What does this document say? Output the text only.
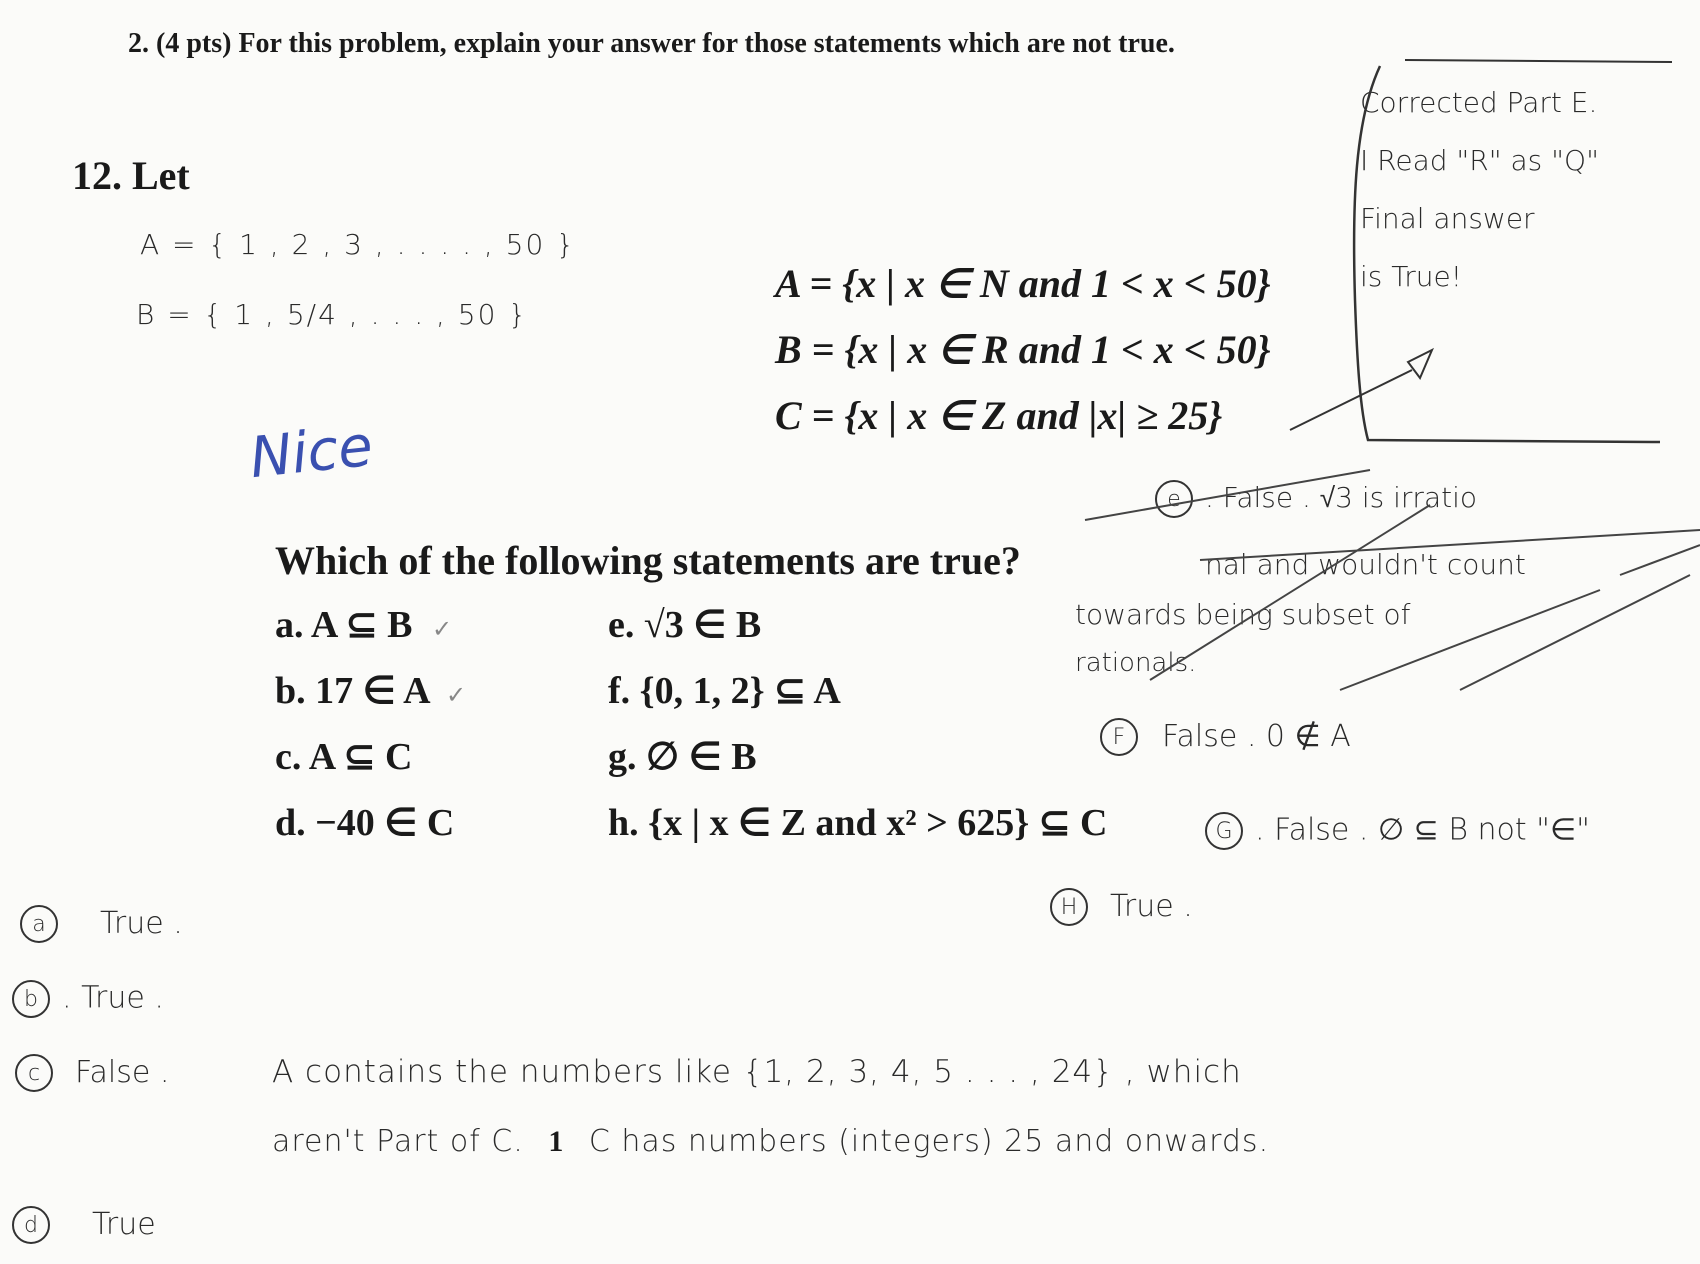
2. (4 pts) For this problem, explain your answer for those statements which are not true.
12. Let
A = { 1 , 2 , 3 , . . . . , 50 }
B = { 1 , 5/4 , . . . , 50 }
Nice
A = {x | x ∈ N and 1 < x < 50}
B = {x | x ∈ R and 1 < x < 50}
C = {x | x ∈ Z and |x| ≥ 25}
Corrected Part E.
I Read "R" as "Q"
Final answer
is True!
Which of the following statements are true?
a. A ⊆ B ✓
b. 17 ∈ A ✓
c. A ⊆ C
d. −40 ∈ C
e. √3 ∈ B
f. {0, 1, 2} ⊆ A
g. ∅ ∈ B
h. {x | x ∈ Z and x² > 625} ⊆ C
e . False . √3 is irratio
nal and wouldn't count
towards being subset of
rationals.
F False . 0 ∉ A
G . False . ∅ ⊆ B not "∈"
H True .
a True .
b . True .
c False .	A contains the numbers like {1, 2, 3, 4, 5 . . . , 24} , which
aren't Part of C. 1 C has numbers (integers) 25 and onwards.
d True
